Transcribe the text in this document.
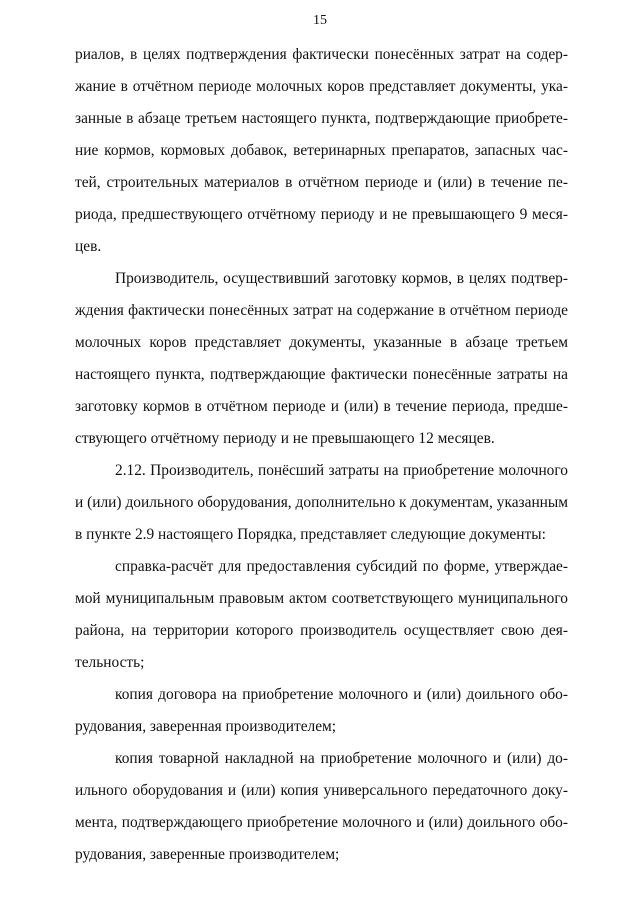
15
риалов, в целях подтверждения фактически понесённых затрат на содер-
жание в отчётном периоде молочных коров представляет документы, ука-
занные в абзаце третьем настоящего пункта, подтверждающие приобрете-
ние кормов, кормовых добавок, ветеринарных препаратов, запасных час-
тей, строительных материалов в отчётном периоде и (или) в течение пе-
риода, предшествующего отчётному периоду и не превышающего 9 меся-
цев.
Производитель, осуществивший заготовку кормов, в целях подтвер-
ждения фактически понесённых затрат на содержание в отчётном периоде
молочных коров представляет документы, указанные в абзаце третьем
настоящего пункта, подтверждающие фактически понесённые затраты на
заготовку кормов в отчётном периоде и (или) в течение периода, предше-
ствующего отчётному периоду и не превышающего 12 месяцев.
2.12. Производитель, понёсший затраты на приобретение молочного
и (или) доильного оборудования, дополнительно к документам, указанным
в пункте 2.9 настоящего Порядка, представляет следующие документы:
справка-расчёт для предоставления субсидий по форме, утверждае-
мой муниципальным правовым актом соответствующего муниципального
района, на территории которого производитель осуществляет свою дея-
тельность;
копия договора на приобретение молочного и (или) доильного обо-
рудования, заверенная производителем;
копия товарной накладной на приобретение молочного и (или) до-
ильного оборудования и (или) копия универсального передаточного доку-
мента, подтверждающего приобретение молочного и (или) доильного обо-
рудования, заверенные производителем;
